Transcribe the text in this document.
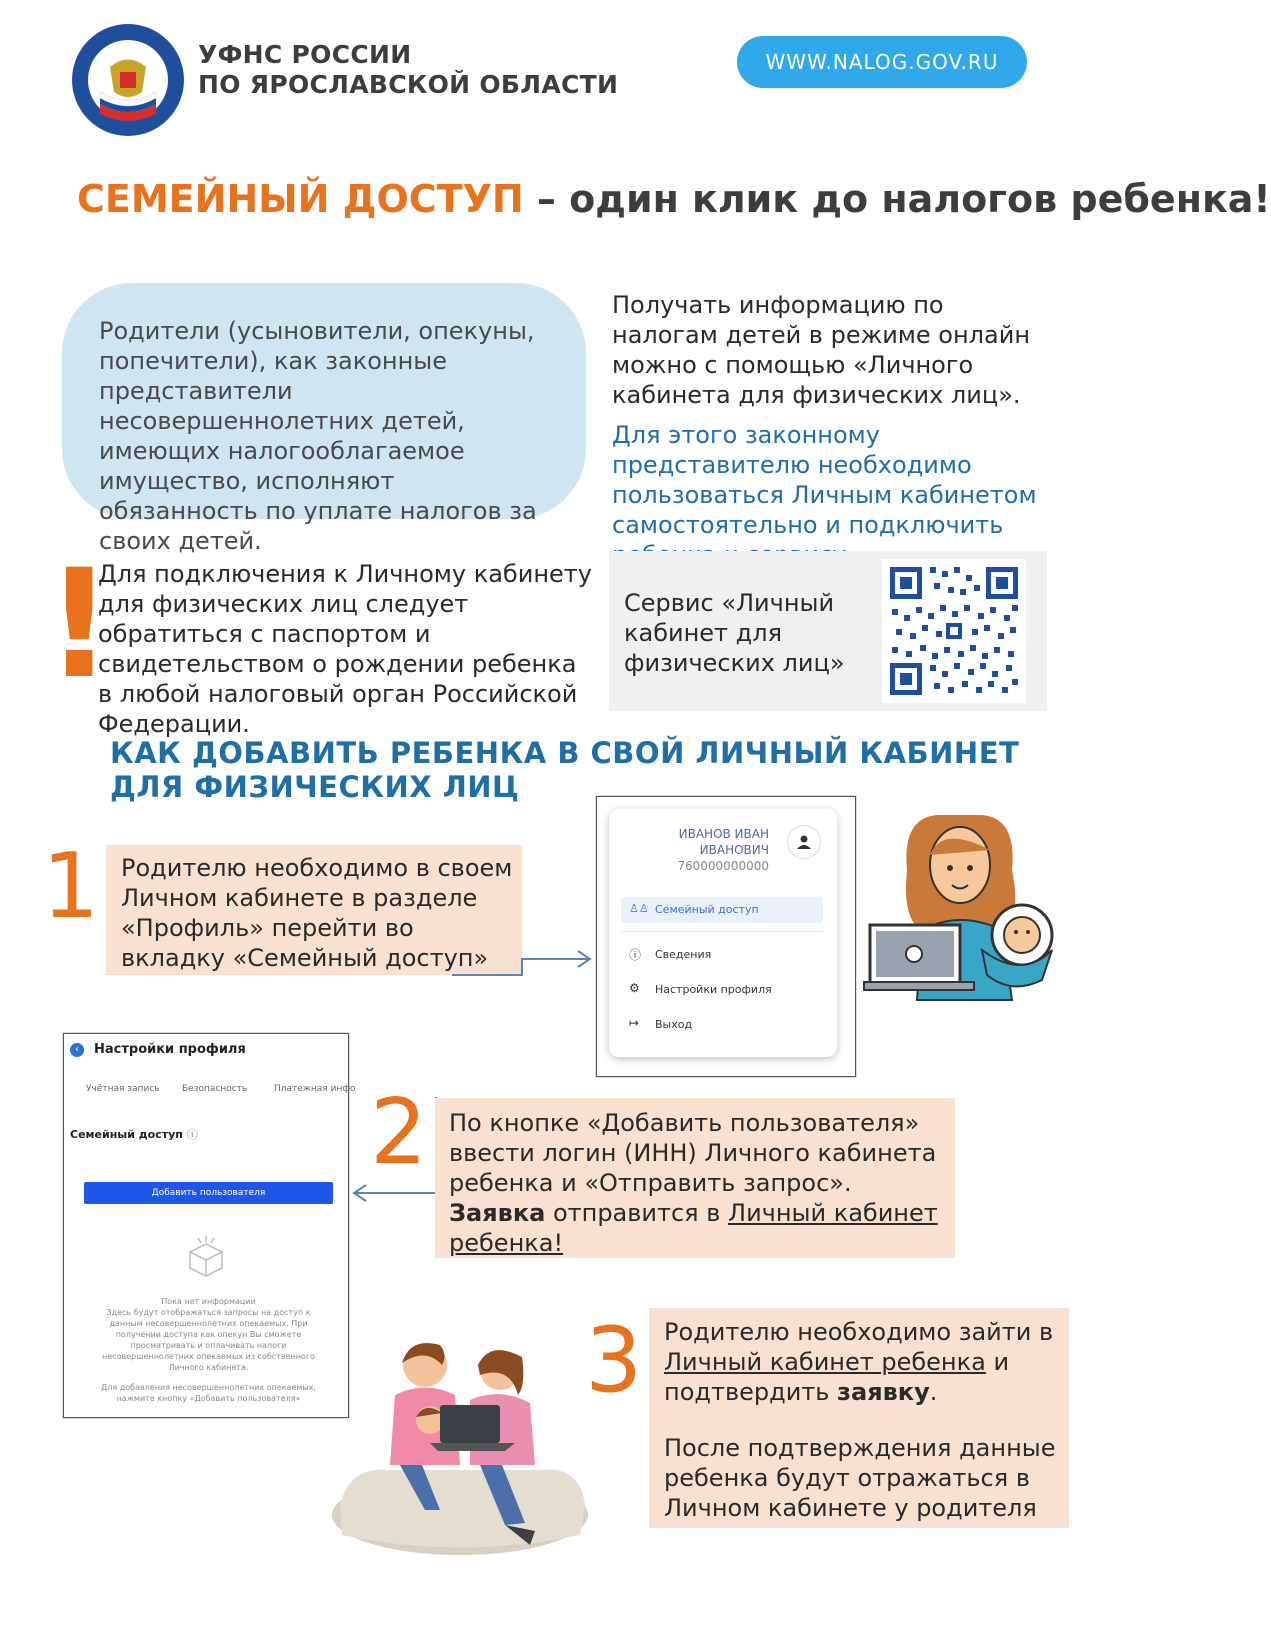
УФНС РОССИИ
ПО ЯРОСЛАВСКОЙ ОБЛАСТИ
WWW.NALOG.GOV.RU
СЕМЕЙНЫЙ ДОСТУП – один клик до налогов ребенка!
Родители (усыновители, опекуны, попечители), как законные представители несовершеннолетних детей, имеющих налогооблагаемое имущество, исполняют обязанность по уплате налогов за своих детей.
Получать информацию по налогам детей в режиме онлайн можно с помощью «Личного кабинета для физических лиц».
Для этого законному представителю необходимо пользоваться Личным кабинетом самостоятельно и подключить
!
Для подключения к Личному кабинету для физических лиц следует обратиться с паспортом и свидетельством о рождении ребенка в любой налоговый орган Российской Федерации.
Сервис «Личный кабинет для физических лиц»
КАК ДОБАВИТЬ РЕБЕНКА В СВОЙ ЛИЧНЫЙ КАБИНЕТ
ДЛЯ ФИЗИЧЕСКИХ ЛИЦ
1 Родителю необходимо в своем Личном кабинете в разделе «Профиль» перейти во вкладку «Семейный доступ»
ИВАНОВ ИВАН
ИВАНОВИЧ
760000000000
♙♙ Семейный доступ
ⓘ Сведения
⚙ Настройки профиля
↦ Выход
‹	Настройки профиля
Учётная запись Безопасность	Платежная инфо
Семейный доступ ⓘ
Добавить пользователя
Пока нет информации
Здесь будут отображаться запросы на доступ к данным несовершеннолетних опекаемых. При получении доступа как опекун Вы сможете просматривать и оплачивать налоги несовершеннолетних опекаемых из собственного Личного кабинета.
Для добавления несовершеннолетних опекаемых, нажмите кнопку «Добавить пользователя»
2 По кнопке «Добавить пользователя» ввести логин (ИНН) Личного кабинета ребенка и «Отправить запрос».
Заявка отправится в Личный кабинет ребенка!
3 Родителю необходимо зайти в Личный кабинет ребенка и подтвердить заявку.
После подтверждения данные ребенка будут отражаться в Личном кабинете у родителя
